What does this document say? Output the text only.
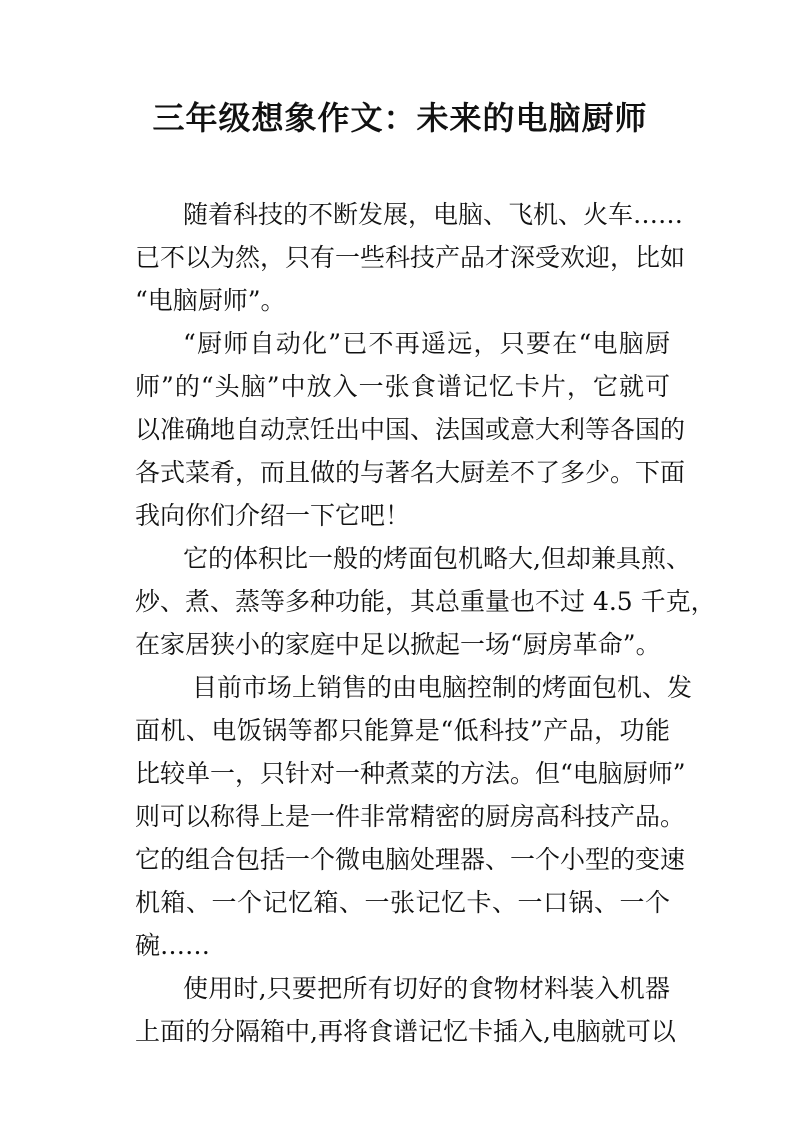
三年级想象作文：未来的电脑厨师

随着科技的不断发展，电脑、飞机、火车……

已不以为然，只有一些科技产品才深受欢迎，比如

“电脑厨师”。

“厨师自动化”已不再遥远，只要在“电脑厨

师”的“头脑”中放入一张食谱记忆卡片，它就可

以准确地自动烹饪出中国、法国或意大利等各国的

各式菜肴，而且做的与著名大厨差不了多少。下面

我向你们介绍一下它吧！

它的体积比一般的烤面包机略大,但却兼具煎、

炒、煮、蒸等多种功能，其总重量也不过 4.5 千克，

在家居狭小的家庭中足以掀起一场“厨房革命”。

目前市场上销售的由电脑控制的烤面包机、发

面机、电饭锅等都只能算是“低科技”产品，功能

比较单一，只针对一种煮菜的方法。但“电脑厨师”

则可以称得上是一件非常精密的厨房高科技产品。

它的组合包括一个微电脑处理器、一个小型的变速

机箱、一个记忆箱、一张记忆卡、一口锅、一个

碗……

使用时,只要把所有切好的食物材料装入机器

上面的分隔箱中,再将食谱记忆卡插入,电脑就可以
